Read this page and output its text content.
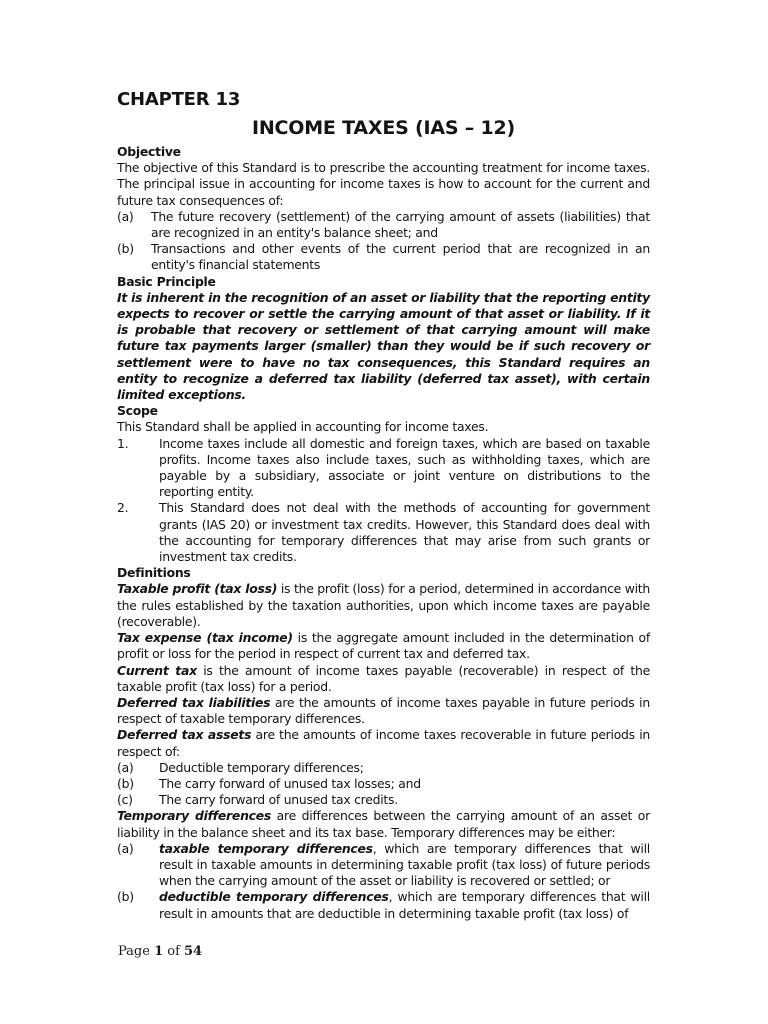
CHAPTER 13
INCOME TAXES (IAS – 12)
Objective

The objective of this Standard is to prescribe the accounting treatment for income taxes. The principal issue in accounting for income taxes is how to account for the current and future tax consequences of:

(a)	The future recovery (settlement) of the carrying amount of assets (liabilities) that are recognized in an entity's balance sheet; and
(b)	Transactions and other events of the current period that are recognized in an entity's financial statements
Basic Principle

It is inherent in the recognition of an asset or liability that the reporting entity expects to recover or settle the carrying amount of that asset or liability. If it is probable that recovery or settlement of that carrying amount will make future tax payments larger (smaller) than they would be if such recovery or settlement were to have no tax consequences, this Standard requires an entity to recognize a deferred tax liability (deferred tax asset), with certain limited exceptions.

Scope

This Standard shall be applied in accounting for income taxes.

1.	Income taxes include all domestic and foreign taxes, which are based on taxable profits. Income taxes also include taxes, such as withholding taxes, which are payable by a subsidiary, associate or joint venture on distributions to the reporting entity.
2.	This Standard does not deal with the methods of accounting for government grants (IAS 20) or investment tax credits. However, this Standard does deal with the accounting for temporary differences that may arise from such grants or investment tax credits.
Definitions

Taxable profit (tax loss) is the profit (loss) for a period, determined in accordance with the rules established by the taxation authorities, upon which income taxes are payable (recoverable).

Tax expense (tax income) is the aggregate amount included in the determination of profit or loss for the period in respect of current tax and deferred tax.

Current tax is the amount of income taxes payable (recoverable) in respect of the taxable profit (tax loss) for a period.

Deferred tax liabilities are the amounts of income taxes payable in future periods in respect of taxable temporary differences.

Deferred tax assets are the amounts of income taxes recoverable in future periods in respect of:

(a)	Deductible temporary differences;
(b)	The carry forward of unused tax losses; and
(c)	The carry forward of unused tax credits.

Temporary differences are differences between the carrying amount of an asset or liability in the balance sheet and its tax base. Temporary differences may be either:

(a)	taxable temporary differences, which are temporary differences that will result in taxable amounts in determining taxable profit (tax loss) of future periods when the carrying amount of the asset or liability is recovered or settled; or
(b)	deductible temporary differences, which are temporary differences that will result in amounts that are deductible in determining taxable profit (tax loss) of
Page 1 of 54
